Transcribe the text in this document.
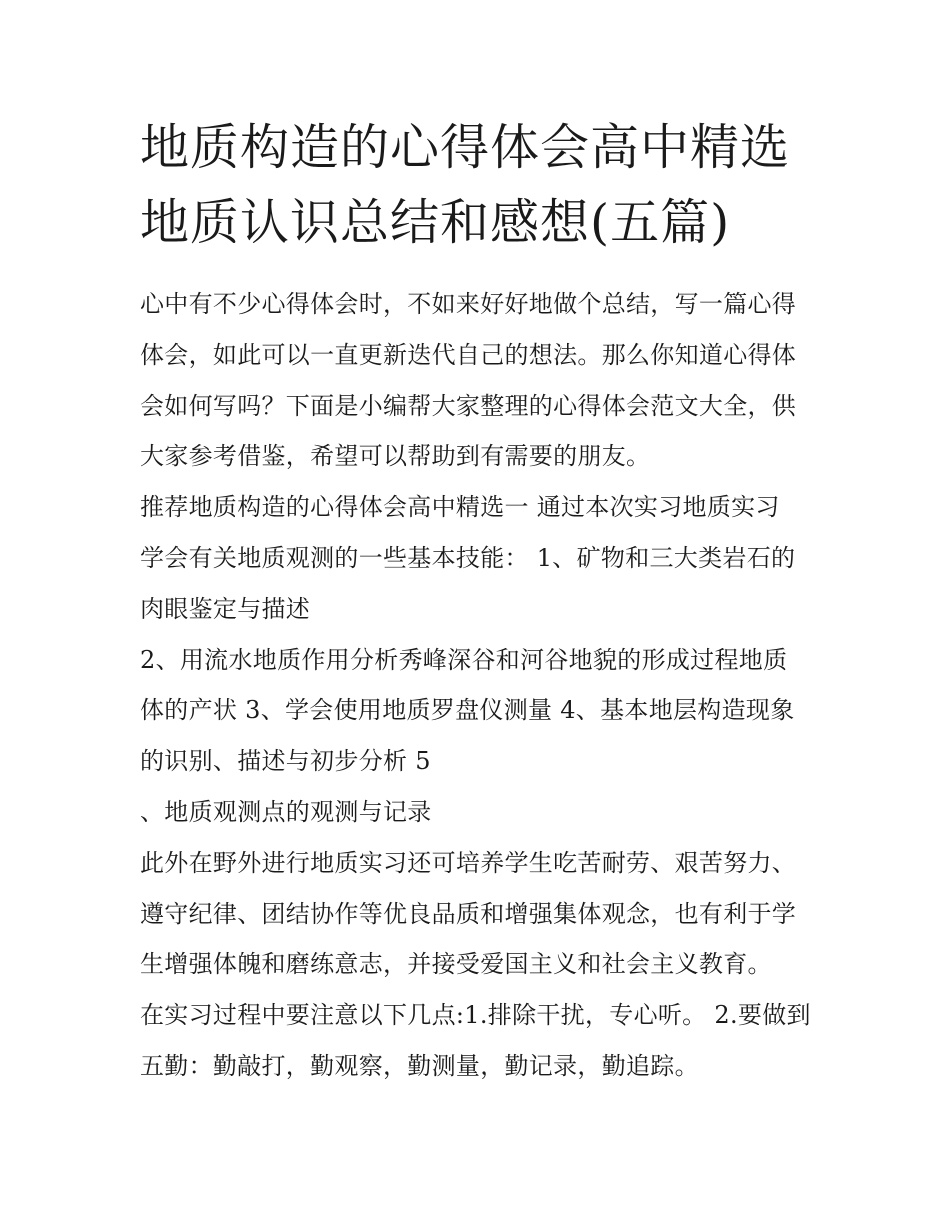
地质构造的心得体会高中精选
地质认识总结和感想(五篇)
心中有不少心得体会时，不如来好好地做个总结，写一篇心得
体会，如此可以一直更新迭代自己的想法。那么你知道心得体
会如何写吗？下面是小编帮大家整理的心得体会范文大全，供
大家参考借鉴，希望可以帮助到有需要的朋友。
推荐地质构造的心得体会高中精选一 通过本次实习地质实习
学会有关地质观测的一些基本技能： 1、矿物和三大类岩石的
肉眼鉴定与描述
2、用流水地质作用分析秀峰深谷和河谷地貌的形成过程地质
体的产状 3、学会使用地质罗盘仪测量 4、基本地层构造现象
的识别、描述与初步分析 5
、地质观测点的观测与记录
此外在野外进行地质实习还可培养学生吃苦耐劳、艰苦努力、
遵守纪律、团结协作等优良品质和增强集体观念，也有利于学
生增强体魄和磨练意志，并接受爱国主义和社会主义教育。
在实习过程中要注意以下几点:1.排除干扰，专心听。 2.要做到
五勤：勤敲打，勤观察，勤测量，勤记录，勤追踪。
